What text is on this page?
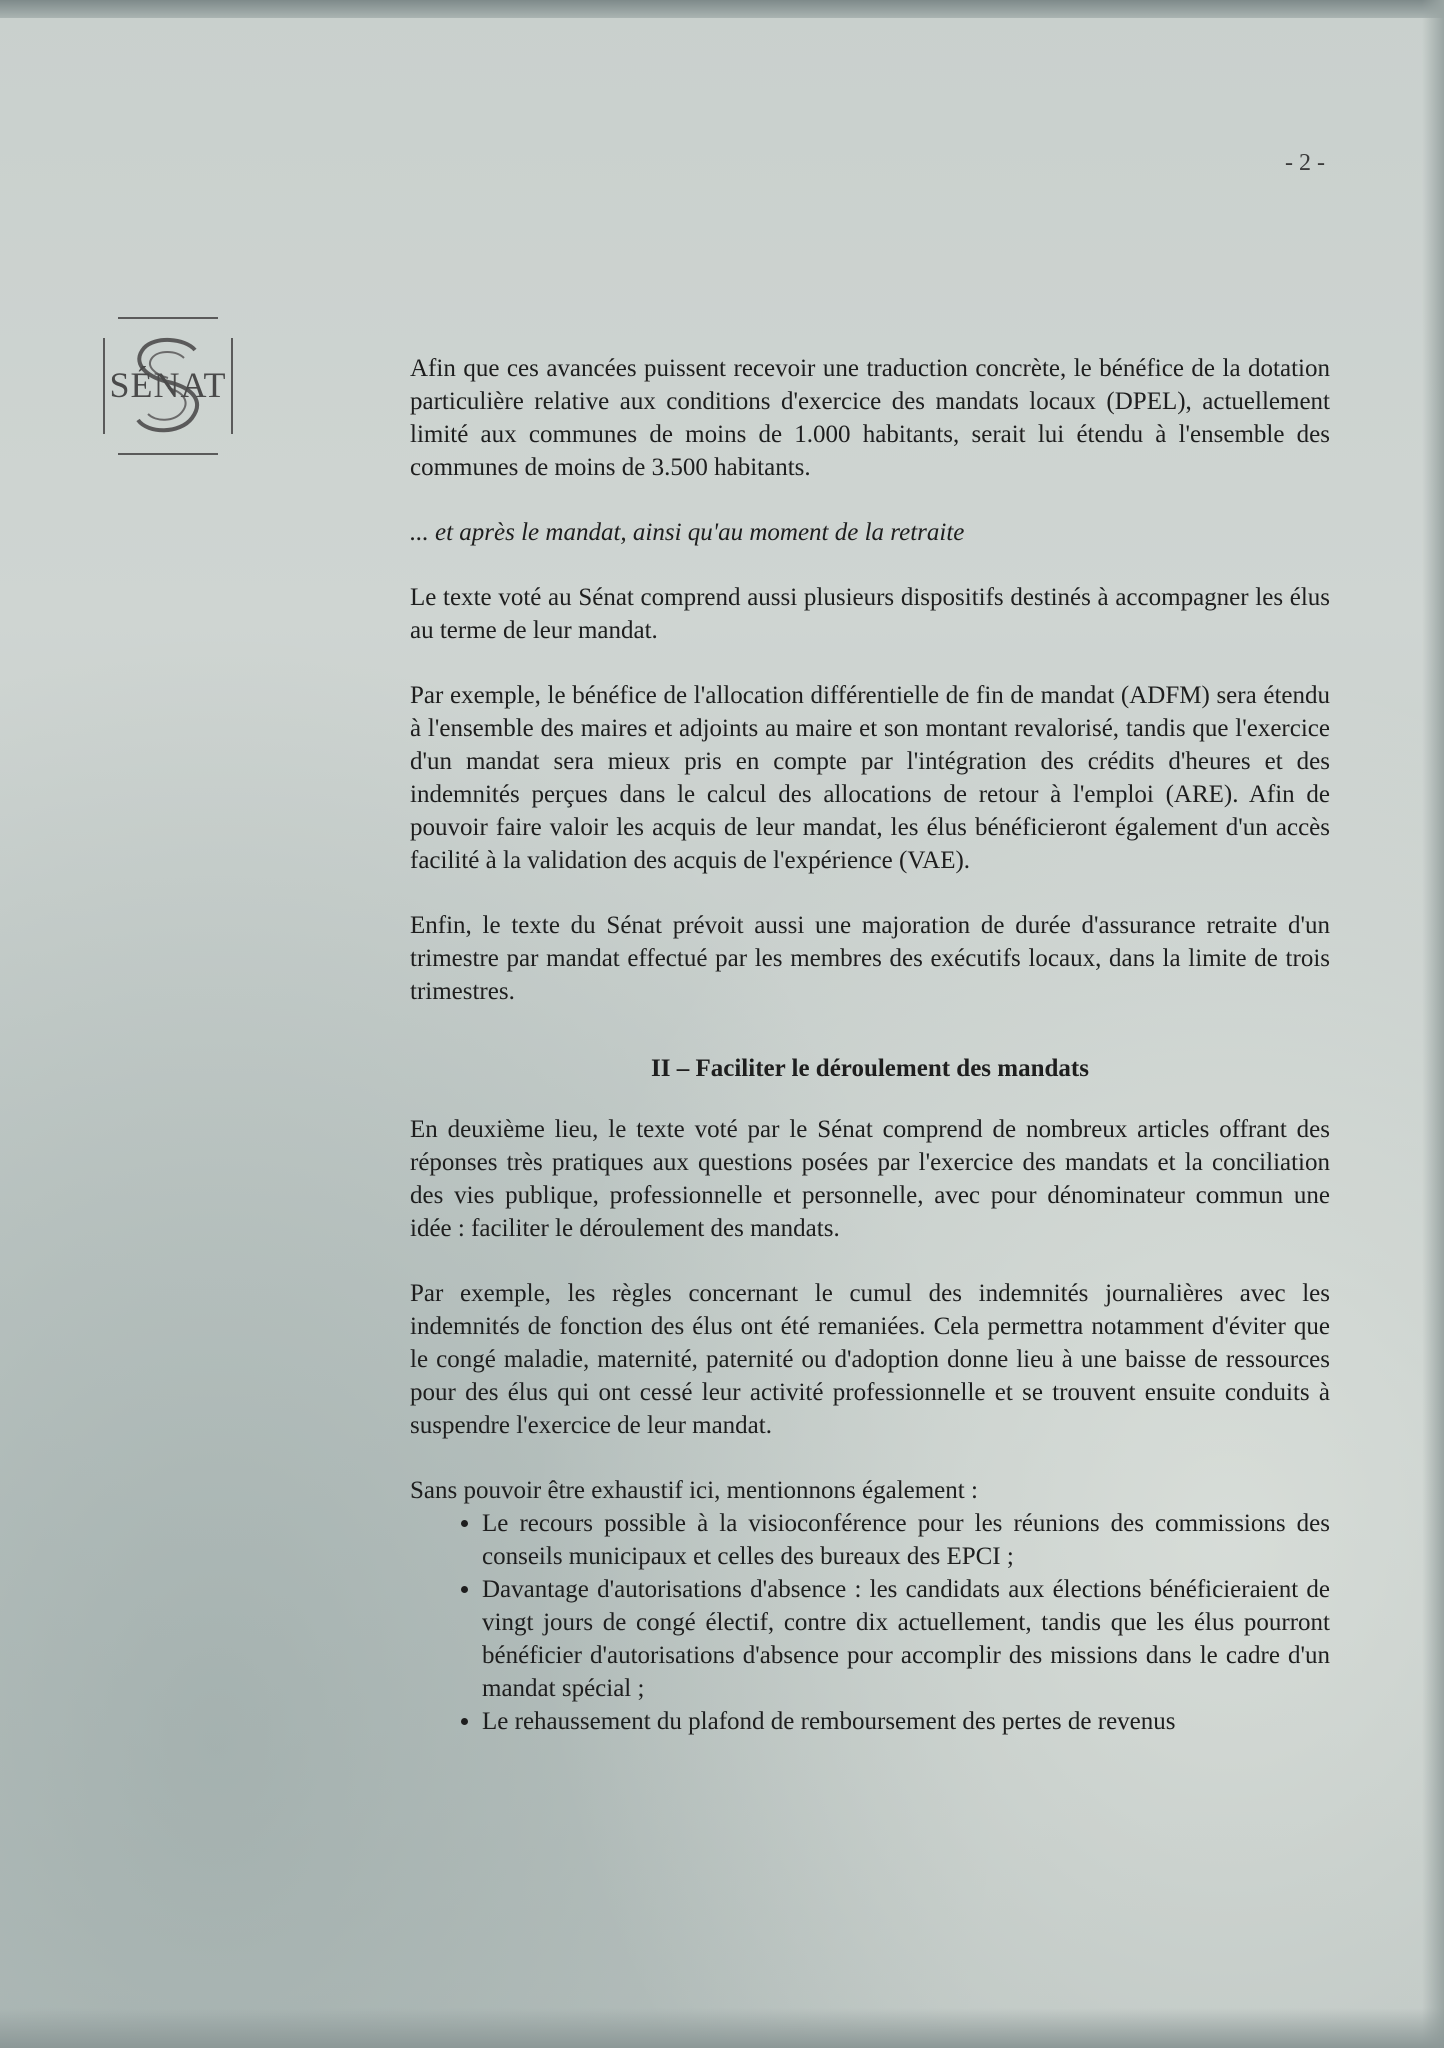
- 2 -
SÉNAT	Afin que ces avancées puissent recevoir une traduction concrète, le bénéfice de la dotation particulière relative aux conditions d'exercice des mandats locaux (DPEL), actuellement limité aux communes de moins de 1.000 habitants, serait lui étendu à l'ensemble des communes de moins de 3.500 habitants.

... et après le mandat, ainsi qu'au moment de la retraite

Le texte voté au Sénat comprend aussi plusieurs dispositifs destinés à accompagner les élus au terme de leur mandat.

Par exemple, le bénéfice de l'allocation différentielle de fin de mandat (ADFM) sera étendu à l'ensemble des maires et adjoints au maire et son montant revalorisé, tandis que l'exercice d'un mandat sera mieux pris en compte par l'intégration des crédits d'heures et des indemnités perçues dans le calcul des allocations de retour à l'emploi (ARE). Afin de pouvoir faire valoir les acquis de leur mandat, les élus bénéficieront également d'un accès facilité à la validation des acquis de l'expérience (VAE).

Enfin, le texte du Sénat prévoit aussi une majoration de durée d'assurance retraite d'un trimestre par mandat effectué par les membres des exécutifs locaux, dans la limite de trois trimestres.

II – Faciliter le déroulement des mandats

En deuxième lieu, le texte voté par le Sénat comprend de nombreux articles offrant des réponses très pratiques aux questions posées par l'exercice des mandats et la conciliation des vies publique, professionnelle et personnelle, avec pour dénominateur commun une idée : faciliter le déroulement des mandats.

Par exemple, les règles concernant le cumul des indemnités journalières avec les indemnités de fonction des élus ont été remaniées. Cela permettra notamment d'éviter que le congé maladie, maternité, paternité ou d'adoption donne lieu à une baisse de ressources pour des élus qui ont cessé leur activité professionnelle et se trouvent ensuite conduits à suspendre l'exercice de leur mandat.

Sans pouvoir être exhaustif ici, mentionnons également :

• Le recours possible à la visioconférence pour les réunions des commissions des conseils municipaux et celles des bureaux des EPCI ;
• Davantage d'autorisations d'absence : les candidats aux élections bénéficieraient de vingt jours de congé électif, contre dix actuellement, tandis que les élus pourront bénéficier d'autorisations d'absence pour accomplir des missions dans le cadre d'un mandat spécial ;
• Le rehaussement du plafond de remboursement des pertes de revenus
